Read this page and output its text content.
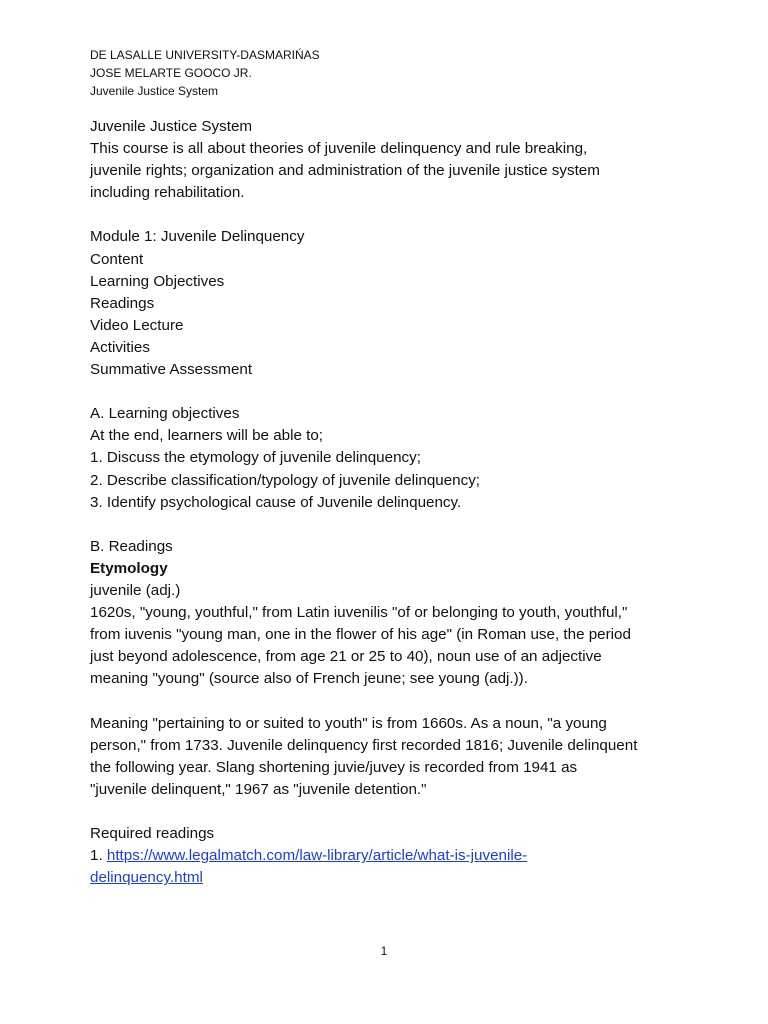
DE LASALLE UNIVERSITY-DASMARIŃAS
JOSE MELARTE GOOCO JR.
Juvenile Justice System
Juvenile Justice System
This course is all about theories of juvenile delinquency and rule breaking,
juvenile rights; organization and administration of the juvenile justice system
including rehabilitation.
Module 1: Juvenile Delinquency
Content
Learning Objectives
Readings
Video Lecture
Activities
Summative Assessment
A. Learning objectives
At the end, learners will be able to;
1. Discuss the etymology of juvenile delinquency;
2. Describe classification/typology of juvenile delinquency;
3. Identify psychological cause of Juvenile delinquency.
B. Readings
Etymology
juvenile (adj.)
1620s, "young, youthful," from Latin iuvenilis "of or belonging to youth, youthful,"
from iuvenis "young man, one in the flower of his age" (in Roman use, the period
just beyond adolescence, from age 21 or 25 to 40), noun use of an adjective
meaning "young" (source also of French jeune; see young (adj.)).
Meaning "pertaining to or suited to youth" is from 1660s. As a noun, "a young
person," from 1733. Juvenile delinquency first recorded 1816; Juvenile delinquent
the following year. Slang shortening juvie/juvey is recorded from 1941 as
"juvenile delinquent," 1967 as "juvenile detention."
Required readings
1. https://www.legalmatch.com/law-library/article/what-is-juvenile-
delinquency.html
1
